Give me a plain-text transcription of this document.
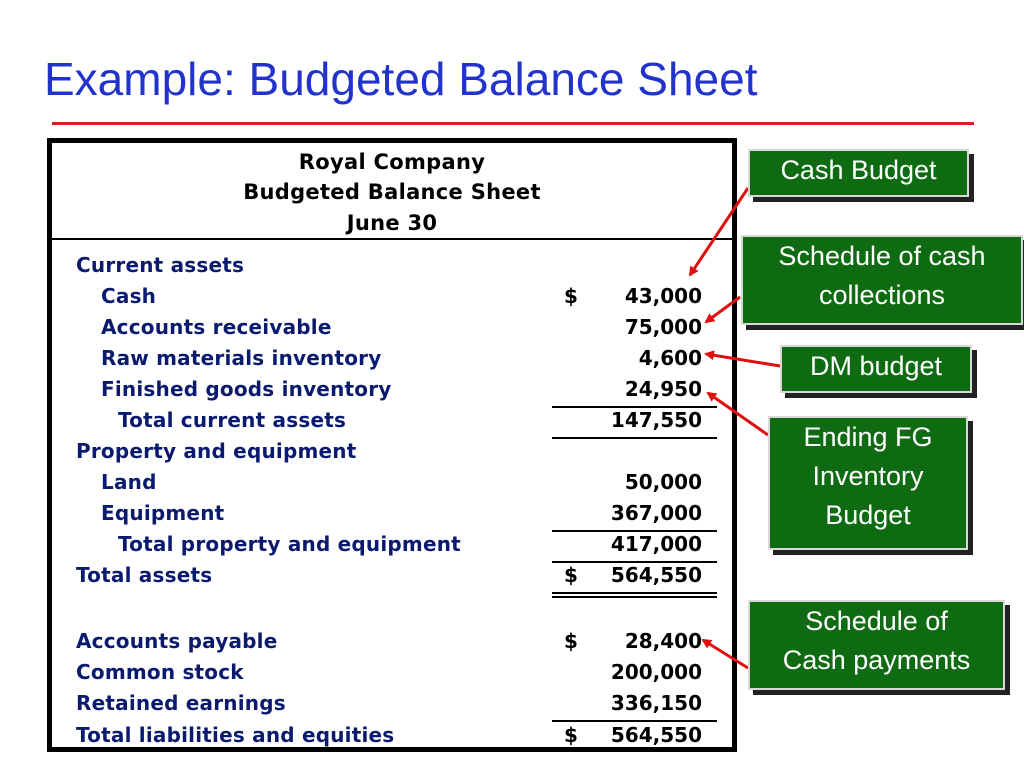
Example: Budgeted Balance Sheet
Royal Company
Budgeted Balance Sheet
June 30
Current assets
Cash	$ 43,000
Accounts receivable	75,000
Raw materials inventory	4,600
Finished goods inventory	24,950
Total current assets	147,550
Property and equipment
Land	50,000
Equipment	367,000
Total property and equipment	417,000
Total assets	$ 564,550
Accounts payable	$ 28,400
Common stock	200,000
Retained earnings	336,150
Total liabilities and equities	$ 564,550
Cash Budget
Schedule of cash
collections
DM budget
Ending FG
Inventory
Budget
Schedule of
Cash payments
